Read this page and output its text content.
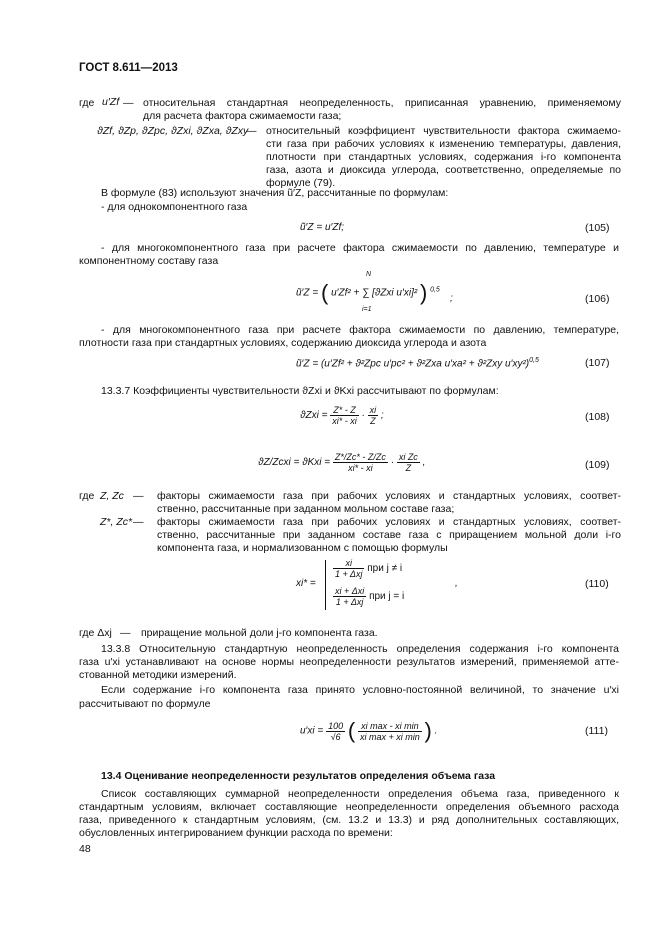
ГОСТ 8.611—2013
где u′Zf — относительная стандартная неопределенность, приписанная уравнению, применяемому
для расчета фактора сжимаемости газа;
ϑZf, ϑZp, ϑZpc, ϑZxi, ϑZxa, ϑZxy
— относительный коэффициент чувствительности фактора сжимаемо-
сти газа при рабочих условиях к изменению температуры, давления,
плотности при стандартных условиях, содержания i-го компонента
газа, азота и диоксида углерода, соответственно, определяемые по
формуле (79).
В формуле (83) используют значения ũ′Z, рассчитанные по формулам:
- для однокомпонентного газа
ũ′Z = u′Zf;	(105)
- для многокомпонентного газа при расчете фактора сжимаемости по давлению, температуре и
компонентному составу газа
ũ′Z = ( u′Zf² + ∑ [ϑZxi u′xi]² ) $^{0,5}$
N
i=1
;	(106)
- для многокомпонентного газа при расчете фактора сжимаемости по давлению, температуре,
плотности газа при стандартных условиях, содержанию диоксида углерода и азота
ũ′Z = (u′Zf² + ϑ²Zpc u′pc² + ϑ²Zxa u′xa² + ϑ²Zxy u′xy²)$^{0,5}$	(107)
13.3.7 Коэффициенты чувствительности ϑZxi и ϑKxi рассчитывают по формулам:
$ϑZxi = \frac{Z* - Z}{xi* - xi} \cdot \frac{xi}{Z}$ ;	(108)
ϑZ/Zcxi = $ϑKxi = \frac{Z*/Zc* - Z/Zc}{xi* - xi} \cdot \frac{\text{xi Zc}}{Z}$ ,	(109)
где Z, Zc — факторы сжимаемости газа при рабочих условиях и стандартных условиях, соответ-
ственно, рассчитанные при заданном мольном составе газа;
Z*, Zc* — факторы сжимаемости газа при рабочих условиях и стандартных условиях, соответ-
ственно, рассчитанные при заданном составе газа с приращением мольной доли i-го
компонента газа, и нормализованном с помощью формулы
xi* =
$\frac{xi}{\text{1 + Δxj}}$ при j ≠ i
$\frac{\text{xi + Δxi}}{\text{1 + Δxj}}$ при j = i
,	(110)
где Δxj — приращение мольной доли j-го компонента газа.
13.3.8 Относительную стандартную неопределенность определения содержания i-го компонента
газа u′xi устанавливают на основе нормы неопределенности результатов измерений, применяемой атте-
стованной методики измерений.
Если содержание i-го компонента газа принято условно-постоянной величиной, то значение u′xi
рассчитывают по формуле
$u'xi = \frac{100}{√6}$ ( $\frac{\text{xi max - xi min}}{\text{xi max + xi min}}$ ) .	(111)
13.4 Оценивание неопределенности результатов определения объема газа
Список составляющих суммарной неопределенности определения объема газа, приведенного к
стандартным условиям, включает составляющие неопределенности определения объемного расхода
газа, приведенного к стандартным условиям, (см. 13.2 и 13.3) и ряд дополнительных составляющих,
обусловленных интегрированием функции расхода по времени:
48
